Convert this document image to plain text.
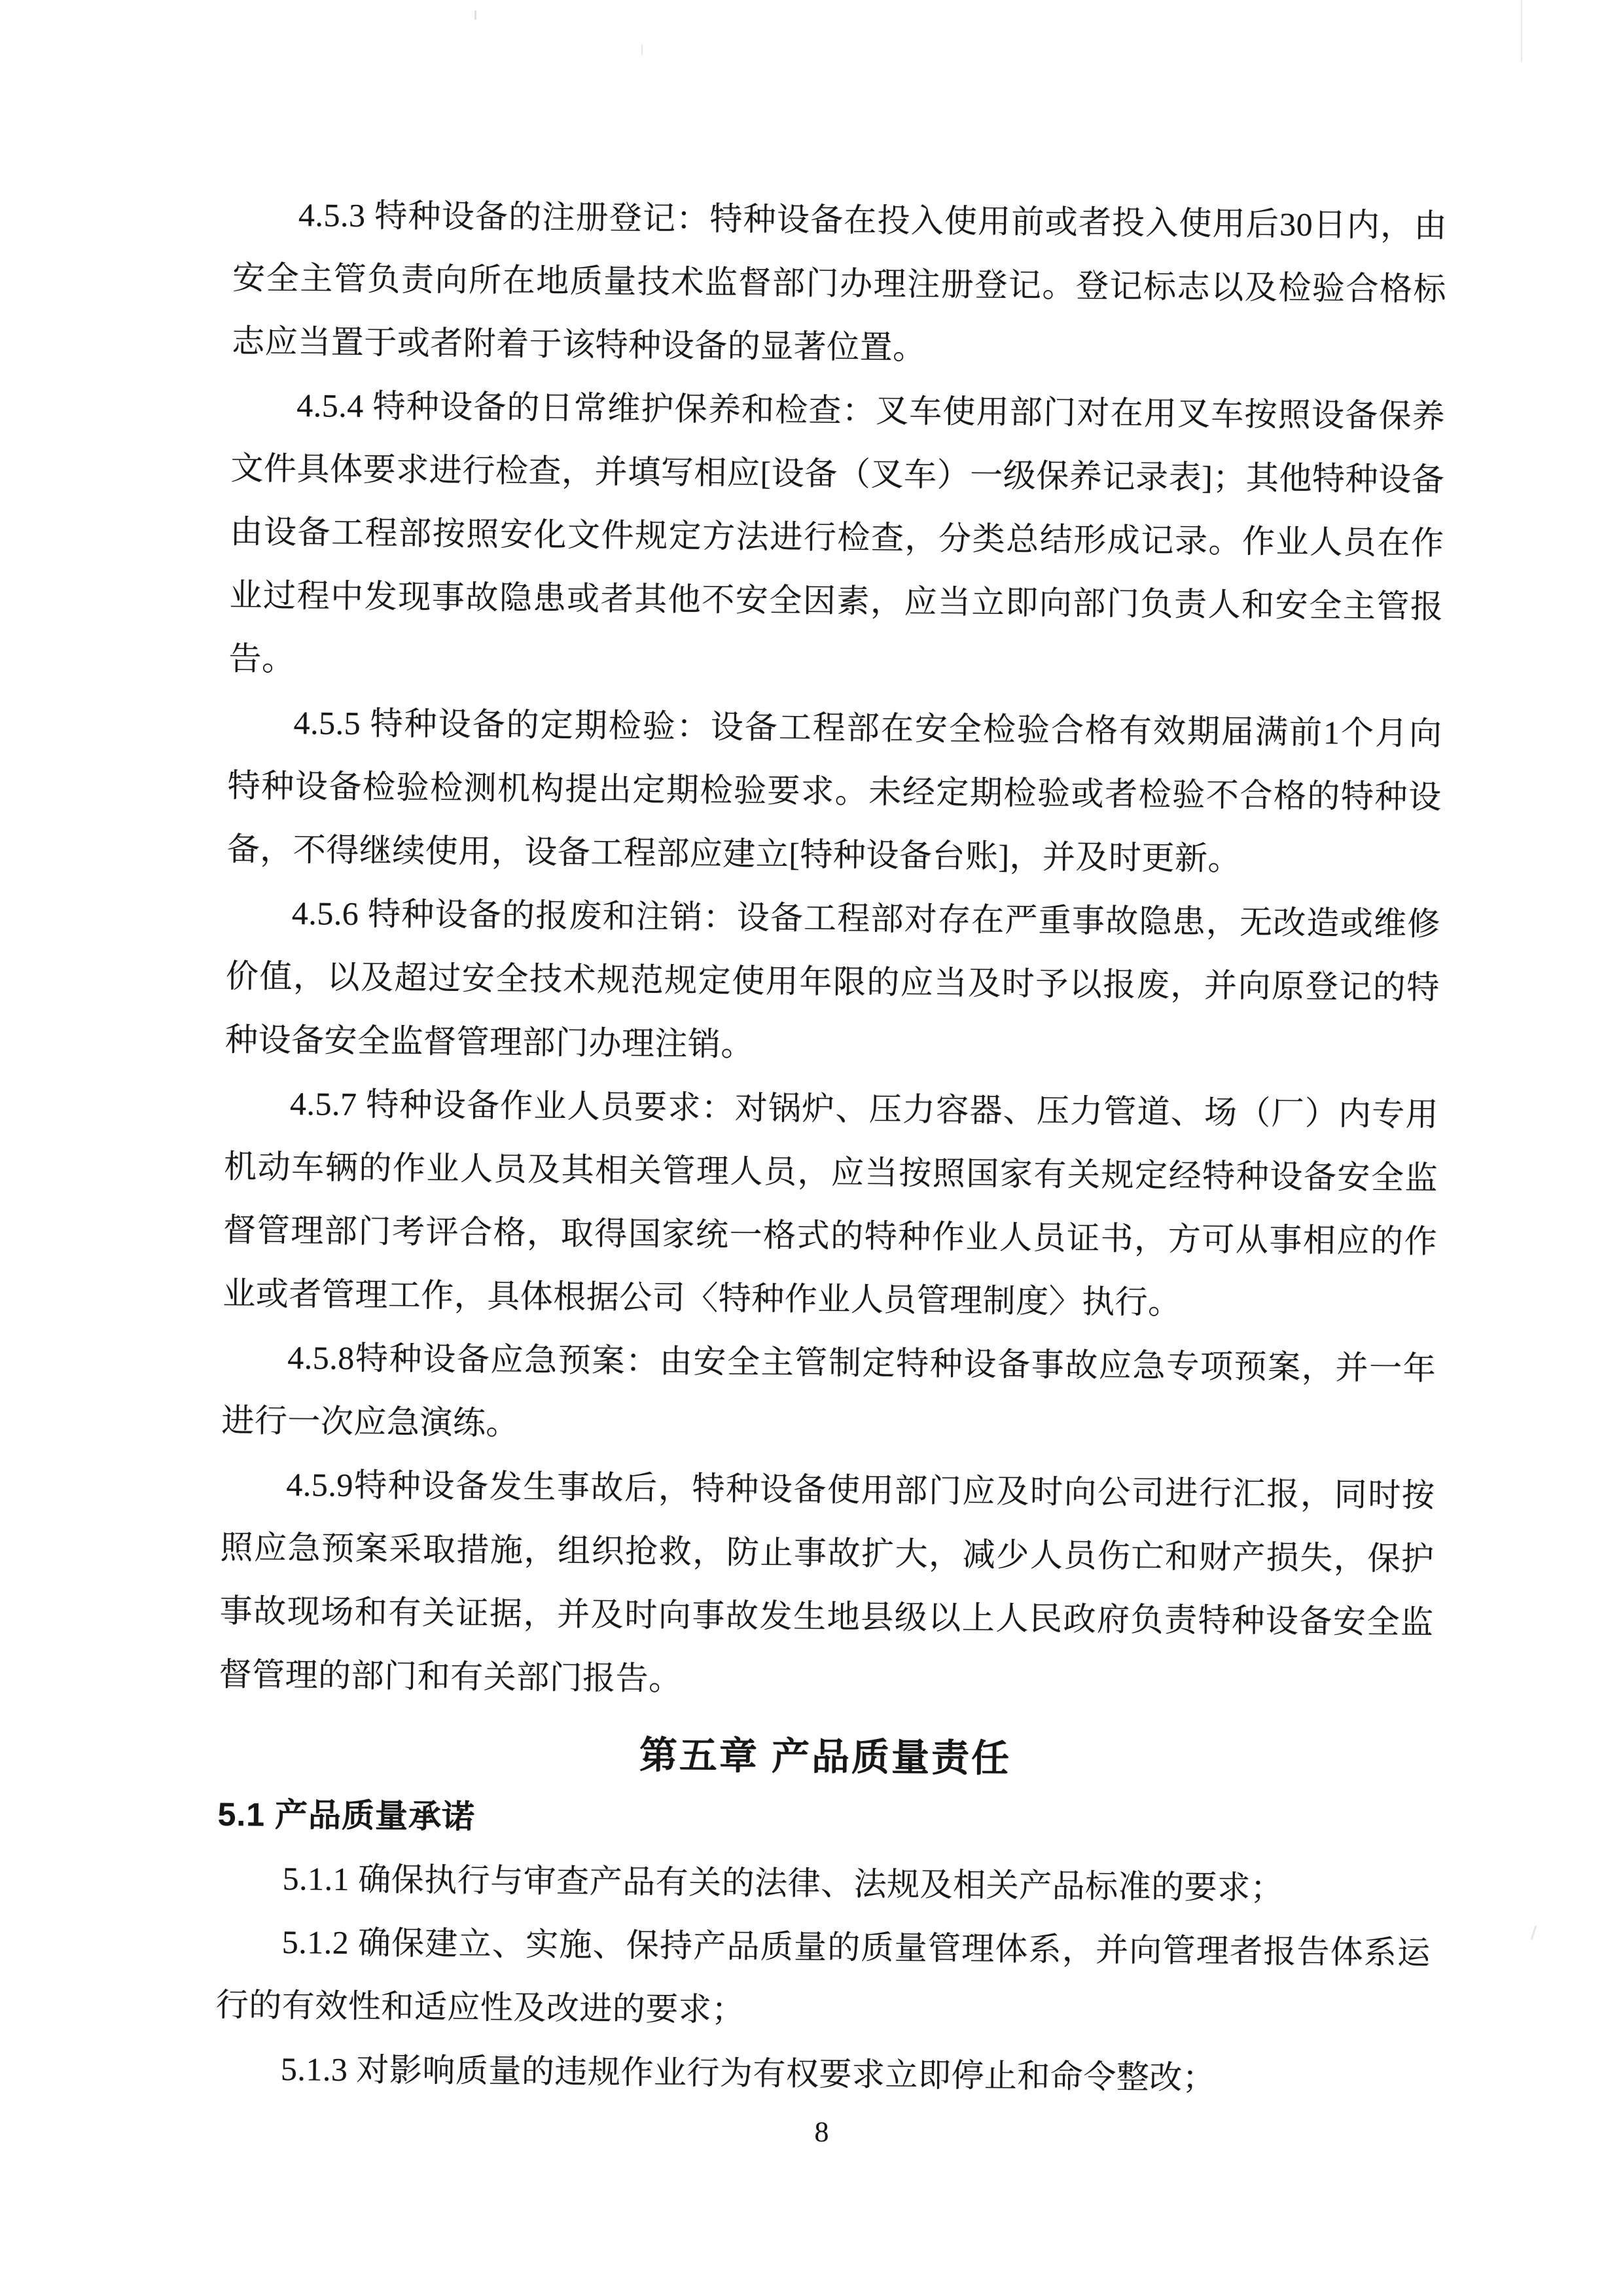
4.5.3 特种设备的注册登记：特种设备在投入使用前或者投入使用后30日内，由安全主管负责向所在地质量技术监督部门办理注册登记。登记标志以及检验合格标志应当置于或者附着于该特种设备的显著位置。

4.5.4 特种设备的日常维护保养和检查：叉车使用部门对在用叉车按照设备保养文件具体要求进行检查，并填写相应[设备（叉车）一级保养记录表]；其他特种设备由设备工程部按照安化文件规定方法进行检查，分类总结形成记录。作业人员在作业过程中发现事故隐患或者其他不安全因素，应当立即向部门负责人和安全主管报告。

4.5.5 特种设备的定期检验：设备工程部在安全检验合格有效期届满前1个月向特种设备检验检测机构提出定期检验要求。未经定期检验或者检验不合格的特种设备，不得继续使用，设备工程部应建立[特种设备台账]，并及时更新。

4.5.6 特种设备的报废和注销：设备工程部对存在严重事故隐患，无改造或维修价值，以及超过安全技术规范规定使用年限的应当及时予以报废，并向原登记的特种设备安全监督管理部门办理注销。

4.5.7 特种设备作业人员要求：对锅炉、压力容器、压力管道、场（厂）内专用机动车辆的作业人员及其相关管理人员，应当按照国家有关规定经特种设备安全监督管理部门考评合格，取得国家统一格式的特种作业人员证书，方可从事相应的作业或者管理工作，具体根据公司〈特种作业人员管理制度〉执行。

4.5.8特种设备应急预案：由安全主管制定特种设备事故应急专项预案，并一年进行一次应急演练。

4.5.9特种设备发生事故后，特种设备使用部门应及时向公司进行汇报，同时按照应急预案采取措施，组织抢救，防止事故扩大，减少人员伤亡和财产损失，保护事故现场和有关证据，并及时向事故发生地县级以上人民政府负责特种设备安全监督管理的部门和有关部门报告。

第五章 产品质量责任
5.1 产品质量承诺

5.1.1 确保执行与审查产品有关的法律、法规及相关产品标准的要求；

5.1.2 确保建立、实施、保持产品质量的质量管理体系，并向管理者报告体系运行的有效性和适应性及改进的要求；

5.1.3 对影响质量的违规作业行为有权要求立即停止和命令整改；

8
